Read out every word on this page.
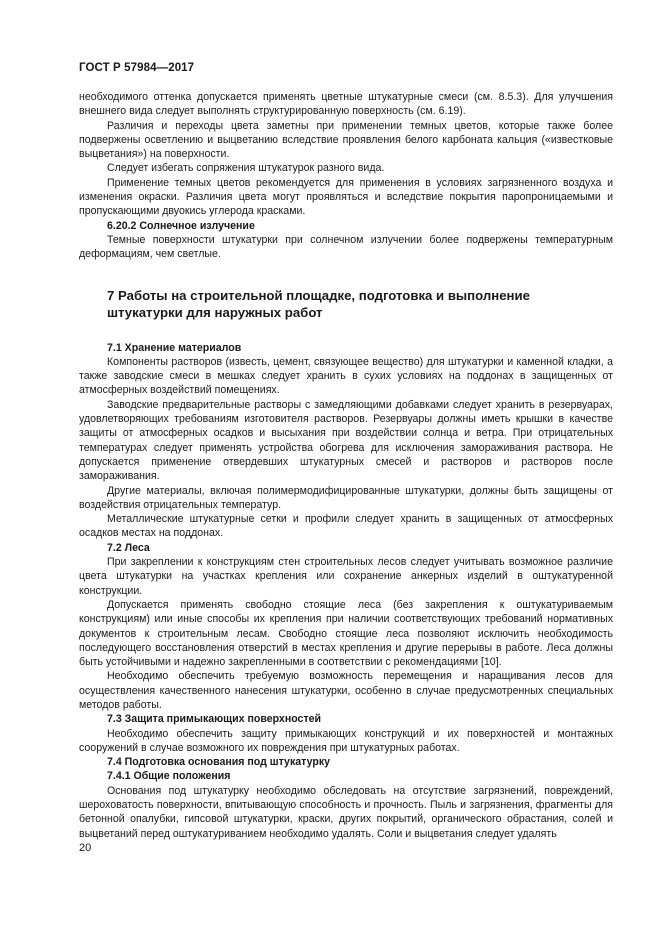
ГОСТ Р 57984—2017

необходимого оттенка допускается применять цветные штукатурные смеси (см. 8.5.3). Для улучшения внешнего вида следует выполнять структурированную поверхность (см. 6.19).

Различия и переходы цвета заметны при применении темных цветов, которые также более подвержены осветлению и выцветанию вследствие проявления белого карбоната кальция («известковые выцветания») на поверхности.

Следует избегать сопряжения штукатурок разного вида.

Применение темных цветов рекомендуется для применения в условиях загрязненного воздуха и изменения окраски. Различия цвета могут проявляться и вследствие покрытия паропроницаемыми и пропускающими двуокись углерода красками.

6.20.2 Солнечное излучение

Темные поверхности штукатурки при солнечном излучении более подвержены температурным деформациям, чем светлые.

7 Работы на строительной площадке, подготовка и выполнение
штукатурки для наружных работ

7.1 Хранение материалов

Компоненты растворов (известь, цемент, связующее вещество) для штукатурки и каменной кладки, а также заводские смеси в мешках следует хранить в сухих условиях на поддонах в защищенных от атмосферных воздействий помещениях.

Заводские предварительные растворы с замедляющими добавками следует хранить в резервуарах, удовлетворяющих требованиям изготовителя растворов. Резервуары должны иметь крышки в качестве защиты от атмосферных осадков и высыхания при воздействии солнца и ветра. При отрицательных температурах следует применять устройства обогрева для исключения замораживания раствора. Не допускается применение отвердевших штукатурных смесей и растворов и растворов после замораживания.

Другие материалы, включая полимермодифицированные штукатурки, должны быть защищены от воздействия отрицательных температур.

Металлические штукатурные сетки и профили следует хранить в защищенных от атмосферных осадков местах на поддонах.

7.2 Леса

При закреплении к конструкциям стен строительных лесов следует учитывать возможное различие цвета штукатурки на участках крепления или сохранение анкерных изделий в оштукатуренной конструкции.

Допускается применять свободно стоящие леса (без закрепления к оштукатуриваемым конструкциям) или иные способы их крепления при наличии соответствующих требований нормативных документов к строительным лесам. Свободно стоящие леса позволяют исключить необходимость последующего восстановления отверстий в местах крепления и другие перерывы в работе. Леса должны быть устойчивыми и надежно закрепленными в соответствии с рекомендациями [10].

Необходимо обеспечить требуемую возможность перемещения и наращивания лесов для осуществления качественного нанесения штукатурки, особенно в случае предусмотренных специальных методов работы.

7.3 Защита примыкающих поверхностей

Необходимо обеспечить защиту примыкающих конструкций и их поверхностей и монтажных сооружений в случае возможного их повреждения при штукатурных работах.

7.4 Подготовка основания под штукатурку

7.4.1 Общие положения

Основания под штукатурку необходимо обследовать на отсутствие загрязнений, повреждений, шероховатость поверхности, впитывающую способность и прочность. Пыль и загрязнения, фрагменты для бетонной опалубки, гипсовой штукатурки, краски, других покрытий, органического обрастания, солей и выцветаний перед оштукатуриванием необходимо удалять. Соли и выцветания следует удалять

20
